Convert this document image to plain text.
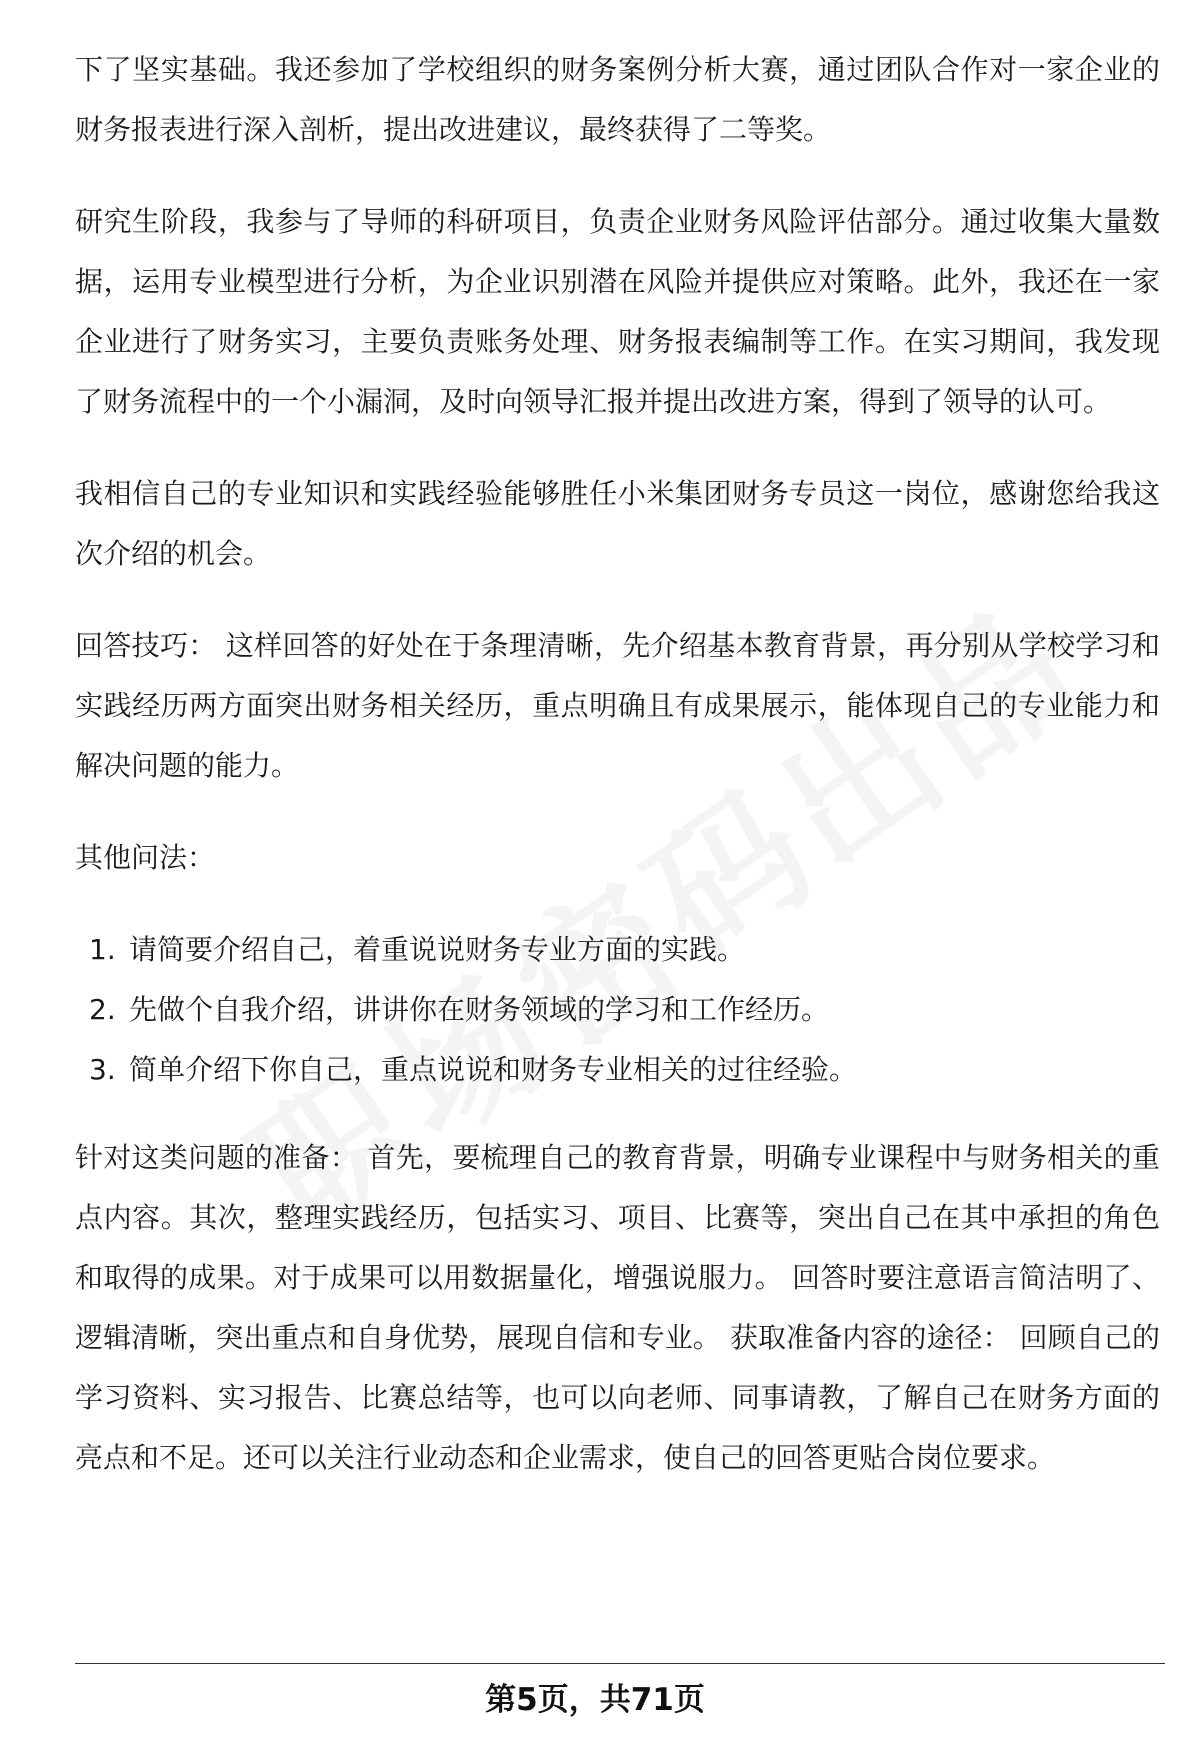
下了坚实基础。我还参加了学校组织的财务案例分析大赛，通过团队合作对一家企业的财务报表进行深入剖析，提出改进建议，最终获得了二等奖。

研究生阶段，我参与了导师的科研项目，负责企业财务风险评估部分。通过收集大量数据，运用专业模型进行分析，为企业识别潜在风险并提供应对策略。此外，我还在一家企业进行了财务实习，主要负责账务处理、财务报表编制等工作。在实习期间，我发现了财务流程中的一个小漏洞，及时向领导汇报并提出改进方案，得到了领导的认可。

我相信自己的专业知识和实践经验能够胜任小米集团财务专员这一岗位，感谢您给我这次介绍的机会。

回答技巧： 这样回答的好处在于条理清晰，先介绍基本教育背景，再分别从学校学习和实践经历两方面突出财务相关经历，重点明确且有成果展示，能体现自己的专业能力和解决问题的能力。

其他问法：

1. 请简要介绍自己，着重说说财务专业方面的实践。
2. 先做个自我介绍，讲讲你在财务领域的学习和工作经历。
3. 简单介绍下你自己，重点说说和财务专业相关的过往经验。

针对这类问题的准备： 首先，要梳理自己的教育背景，明确专业课程中与财务相关的重点内容。其次，整理实践经历，包括实习、项目、比赛等，突出自己在其中承担的角色和取得的成果。对于成果可以用数据量化，增强说服力。 回答时要注意语言简洁明了、逻辑清晰，突出重点和自身优势，展现自信和专业。 获取准备内容的途径： 回顾自己的学习资料、实习报告、比赛总结等，也可以向老师、同事请教，了解自己在财务方面的亮点和不足。还可以关注行业动态和企业需求，使自己的回答更贴合岗位要求。

第5页，共71页
